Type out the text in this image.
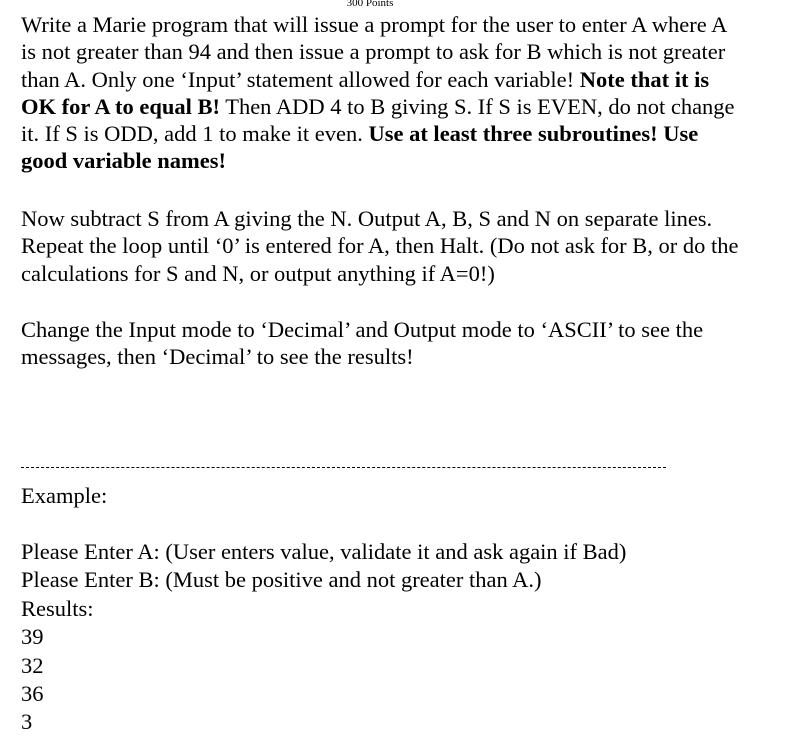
300 Points
Write a Marie program that will issue a prompt for the user to enter A where A is not greater than 94 and then issue a prompt to ask for B which is not greater than A. Only one ‘Input’ statement allowed for each variable! Note that it is OK for A to equal B! Then ADD 4 to B giving S. If S is EVEN, do not change it. If S is ODD, add 1 to make it even. Use at least three subroutines! Use good variable names!
Now subtract S from A giving the N. Output A, B, S and N on separate lines. Repeat the loop until ‘0’ is entered for A, then Halt. (Do not ask for B, or do the calculations for S and N, or output anything if A=0!)
Change the Input mode to ‘Decimal’ and Output mode to ‘ASCII’ to see the messages, then ‘Decimal’ to see the results!
Example:
Please Enter A: (User enters value, validate it and ask again if Bad)
Please Enter B: (Must be positive and not greater than A.)
Results:
39
32
36
3
